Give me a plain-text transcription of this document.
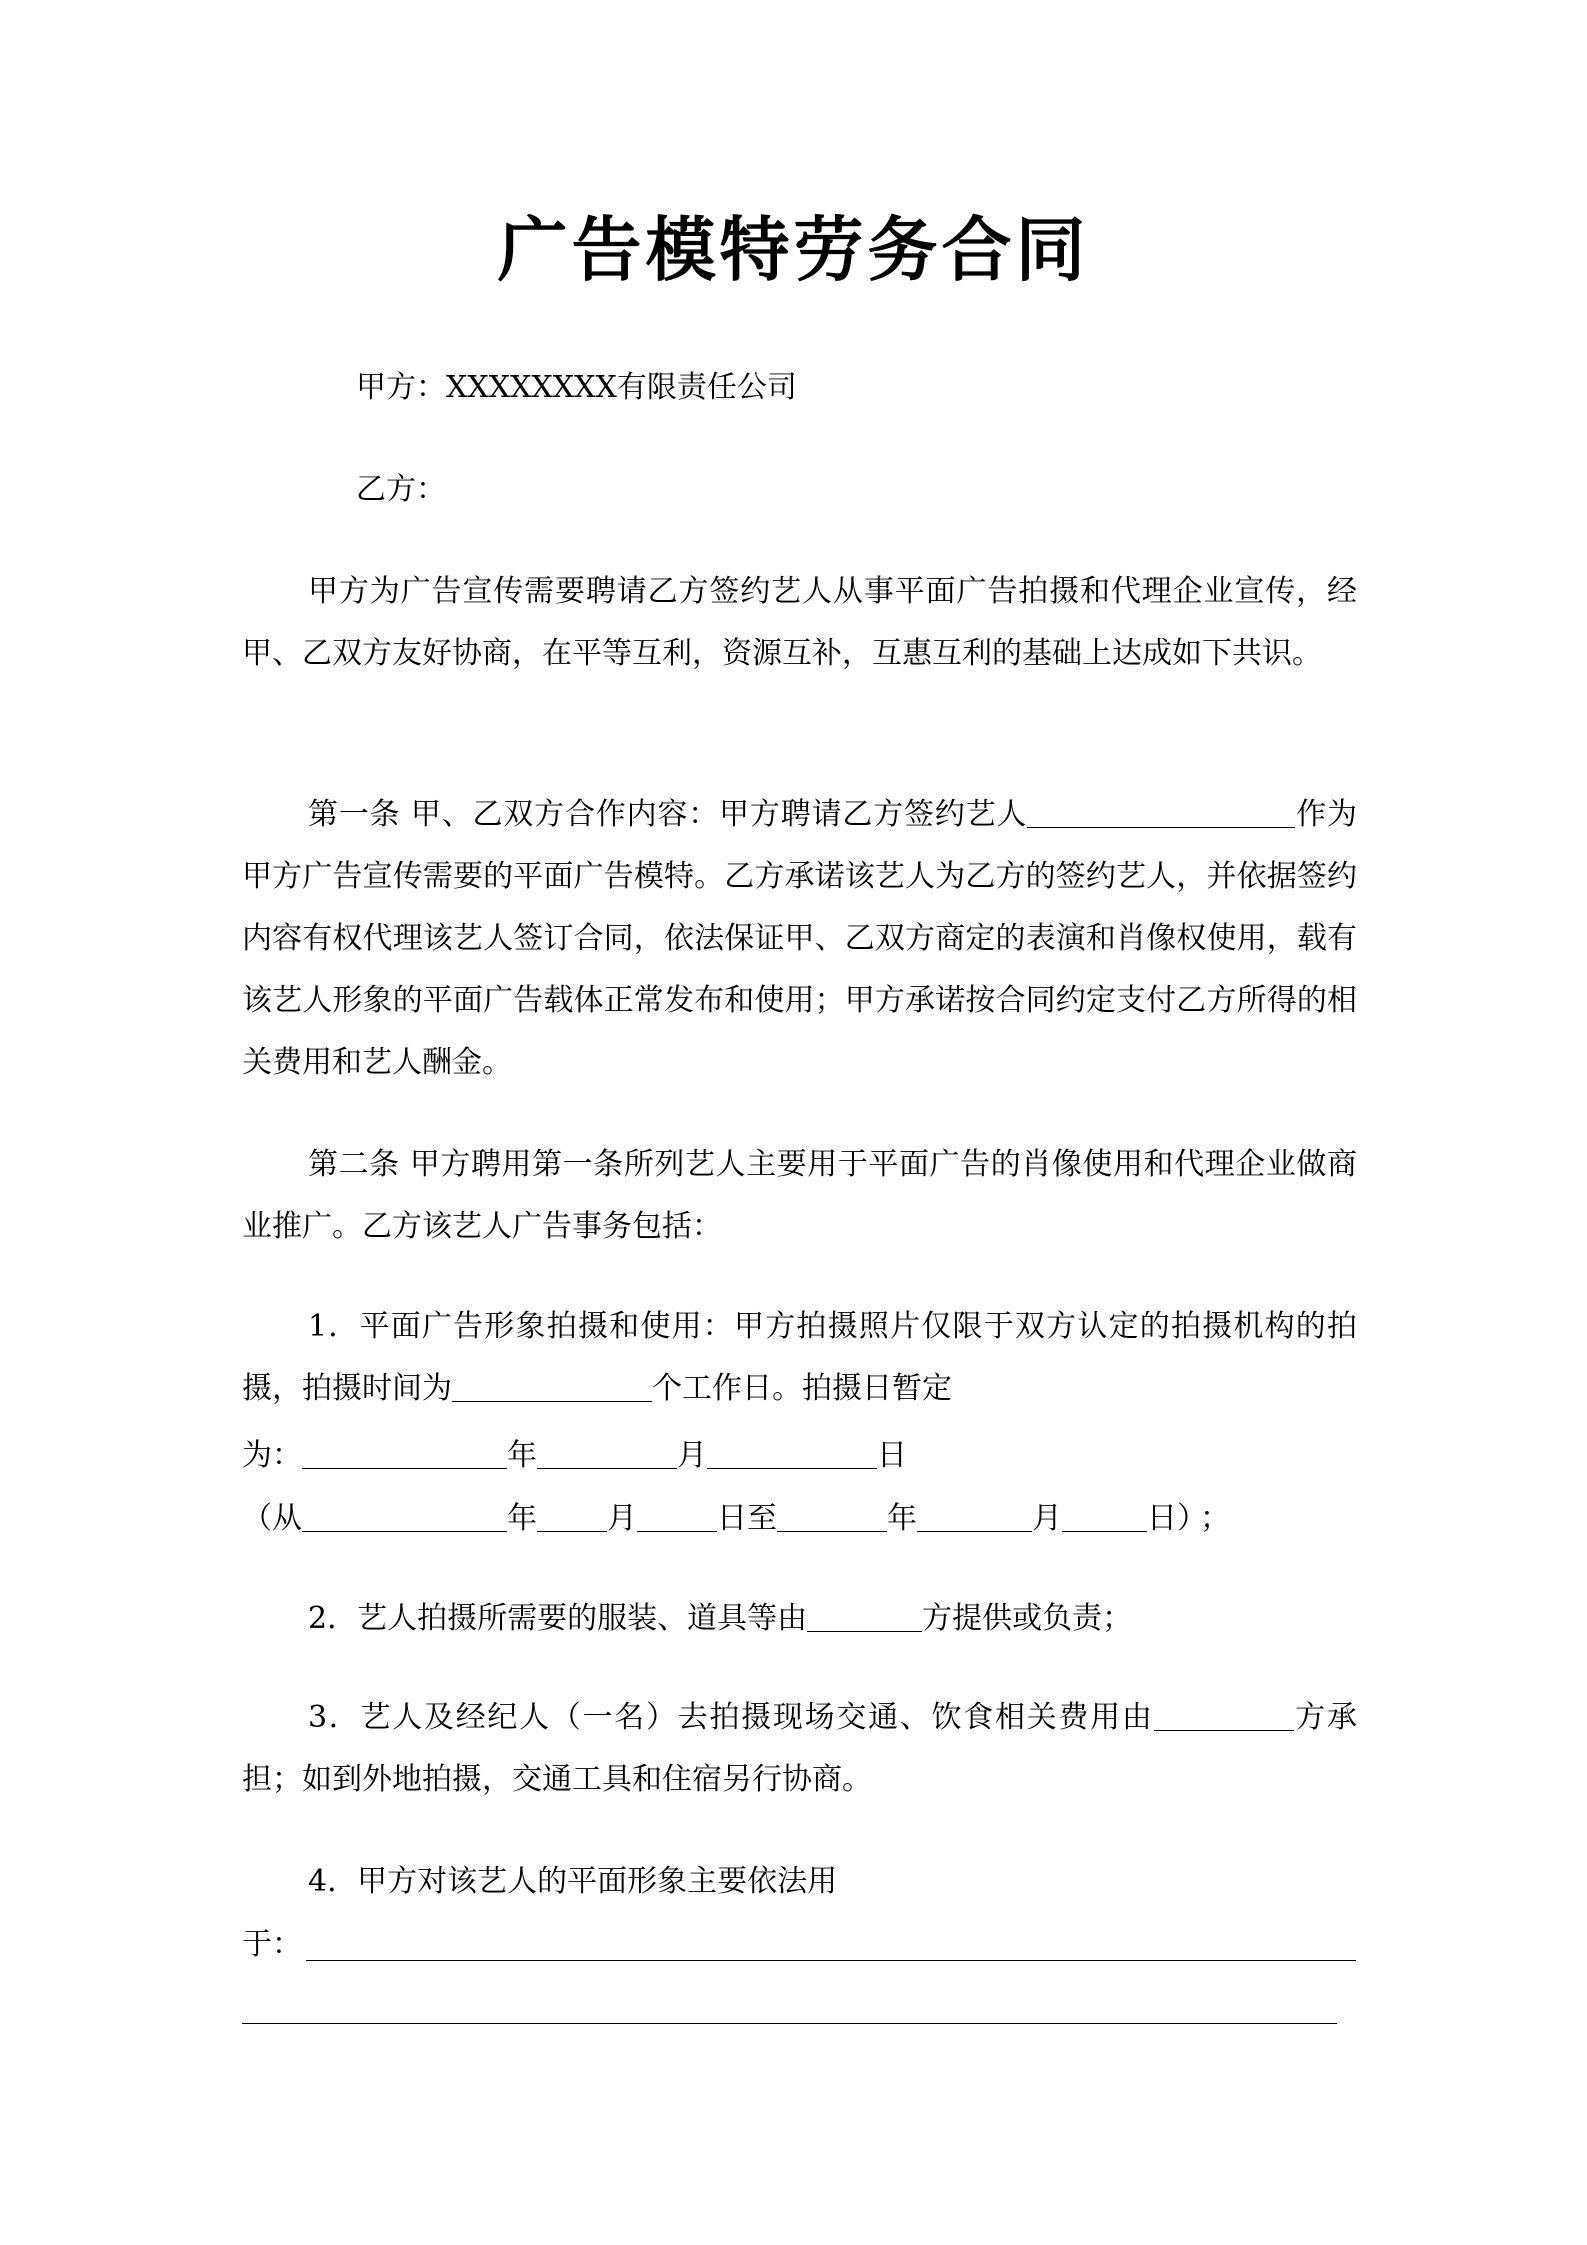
广告模特劳务合同
甲方：XXXXXXXX有限责任公司
乙方：
甲方为广告宣传需要聘请乙方签约艺人从事平面广告拍摄和代理企业宣传，经甲、乙双方友好协商，在平等互利，资源互补，互惠互利的基础上达成如下共识。
第一条 甲、乙双方合作内容：甲方聘请乙方签约艺人	作为甲方广告宣传需要的平面广告模特。乙方承诺该艺人为乙方的签约艺人，并依据签约内容有权代理该艺人签订合同，依法保证甲、乙双方商定的表演和肖像权使用，载有该艺人形象的平面广告载体正常发布和使用；甲方承诺按合同约定支付乙方所得的相关费用和艺人酬金。
第二条 甲方聘用第一条所列艺人主要用于平面广告的肖像使用和代理企业做商业推广。乙方该艺人广告事务包括：
1．平面广告形象拍摄和使用：甲方拍摄照片仅限于双方认定的拍摄机构的拍摄，拍摄时间为	个工作日。拍摄日暂定
为：	年	月	日
（从	年 月	日至	年	月	日） ；
2．艺人拍摄所需要的服装、道具等由	方提供或负责；
3．艺人及经纪人（一名）去拍摄现场交通、饮食相关费用由	方承担；如到外地拍摄，交通工具和住宿另行协商。
4．甲方对该艺人的平面形象主要依法用
于：
